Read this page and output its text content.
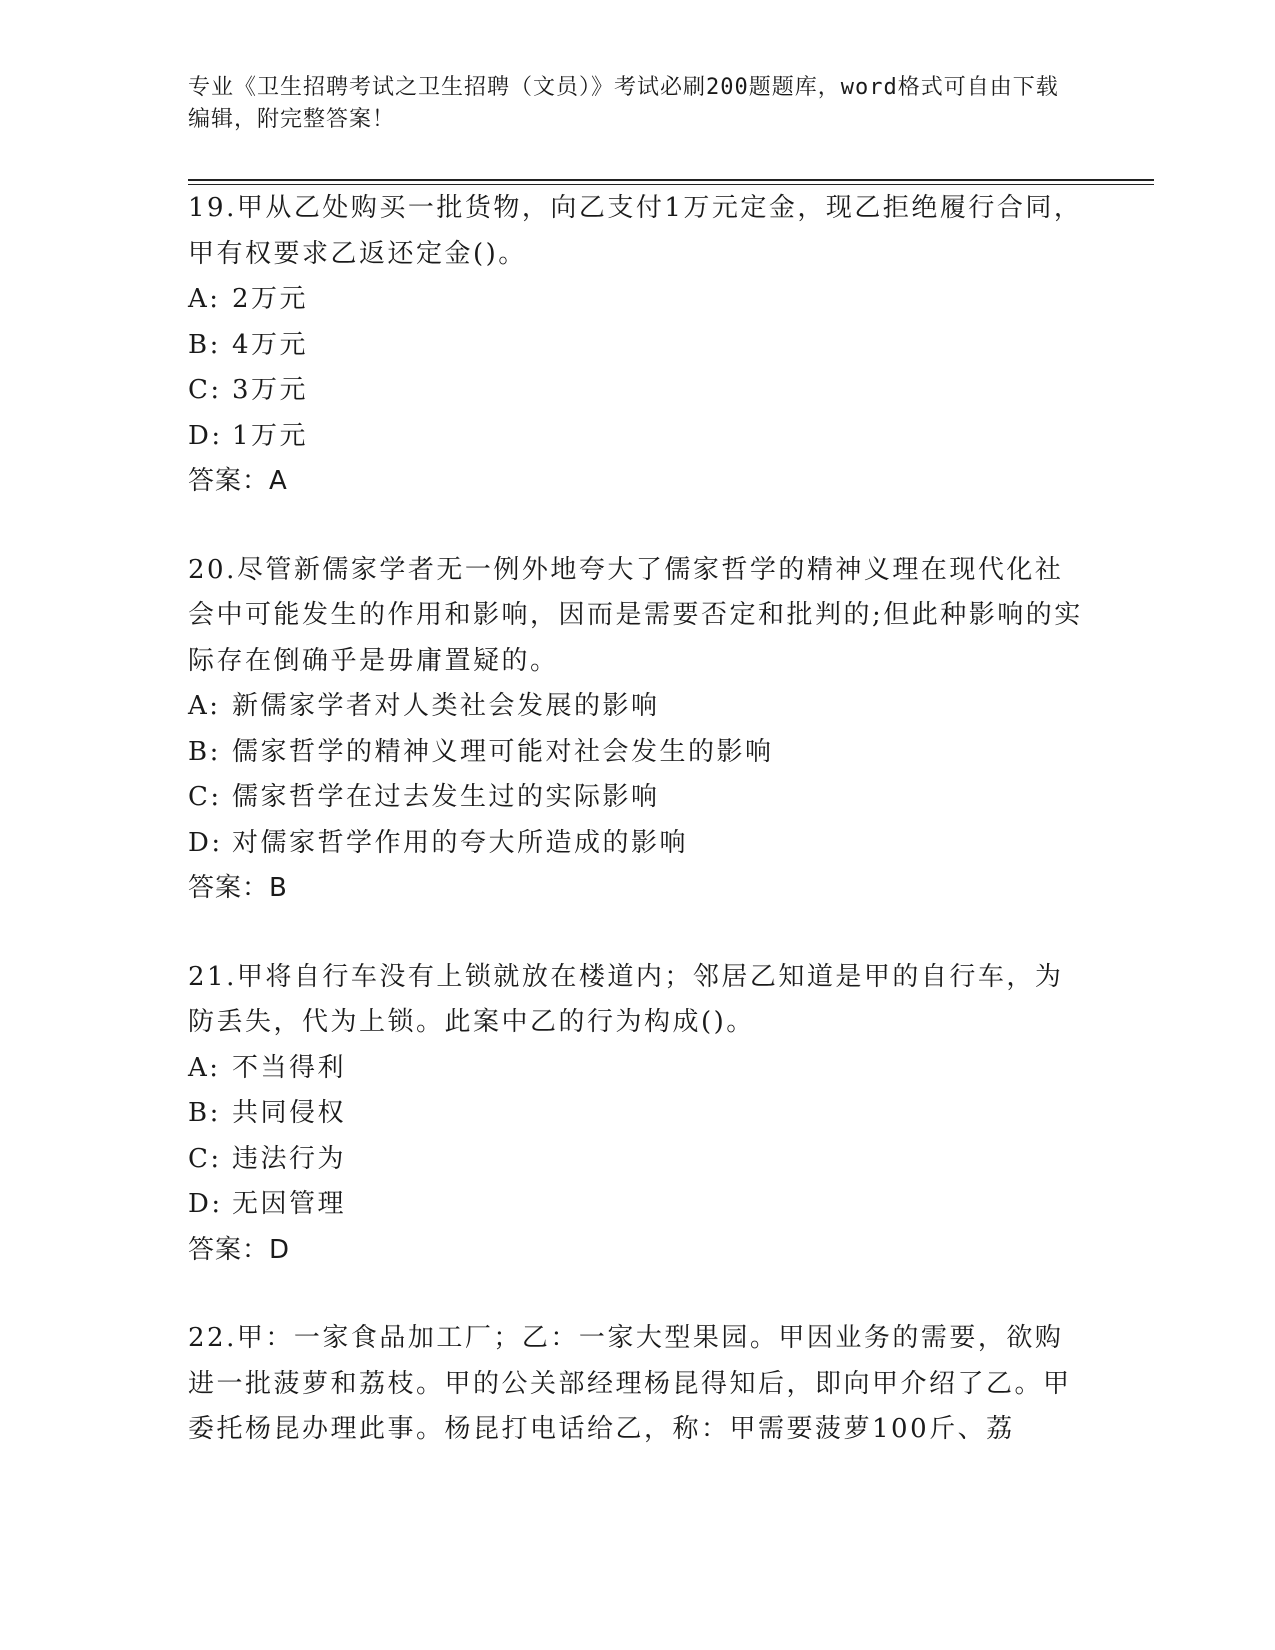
专业《卫生招聘考试之卫生招聘（文员）》考试必刷200题题库，word格式可自由下载编辑，附完整答案！

19.甲从乙处购买一批货物，向乙支付1万元定金，现乙拒绝履行合同，甲有权要求乙返还定金()。

A: 2万元

B: 4万元

C: 3万元

D: 1万元

答案：A

20.尽管新儒家学者无一例外地夸大了儒家哲学的精神义理在现代化社会中可能发生的作用和影响，因而是需要否定和批判的;但此种影响的实际存在倒确乎是毋庸置疑的。

A: 新儒家学者对人类社会发展的影响

B: 儒家哲学的精神义理可能对社会发生的影响

C: 儒家哲学在过去发生过的实际影响

D: 对儒家哲学作用的夸大所造成的影响

答案：B

21.甲将自行车没有上锁就放在楼道内；邻居乙知道是甲的自行车，为防丢失，代为上锁。此案中乙的行为构成()。

A: 不当得利

B: 共同侵权

C: 违法行为

D: 无因管理

答案：D

22.甲：一家食品加工厂；乙：一家大型果园。甲因业务的需要，欲购进一批菠萝和荔枝。甲的公关部经理杨昆得知后，即向甲介绍了乙。甲委托杨昆办理此事。杨昆打电话给乙，称：甲需要菠萝100斤、荔
